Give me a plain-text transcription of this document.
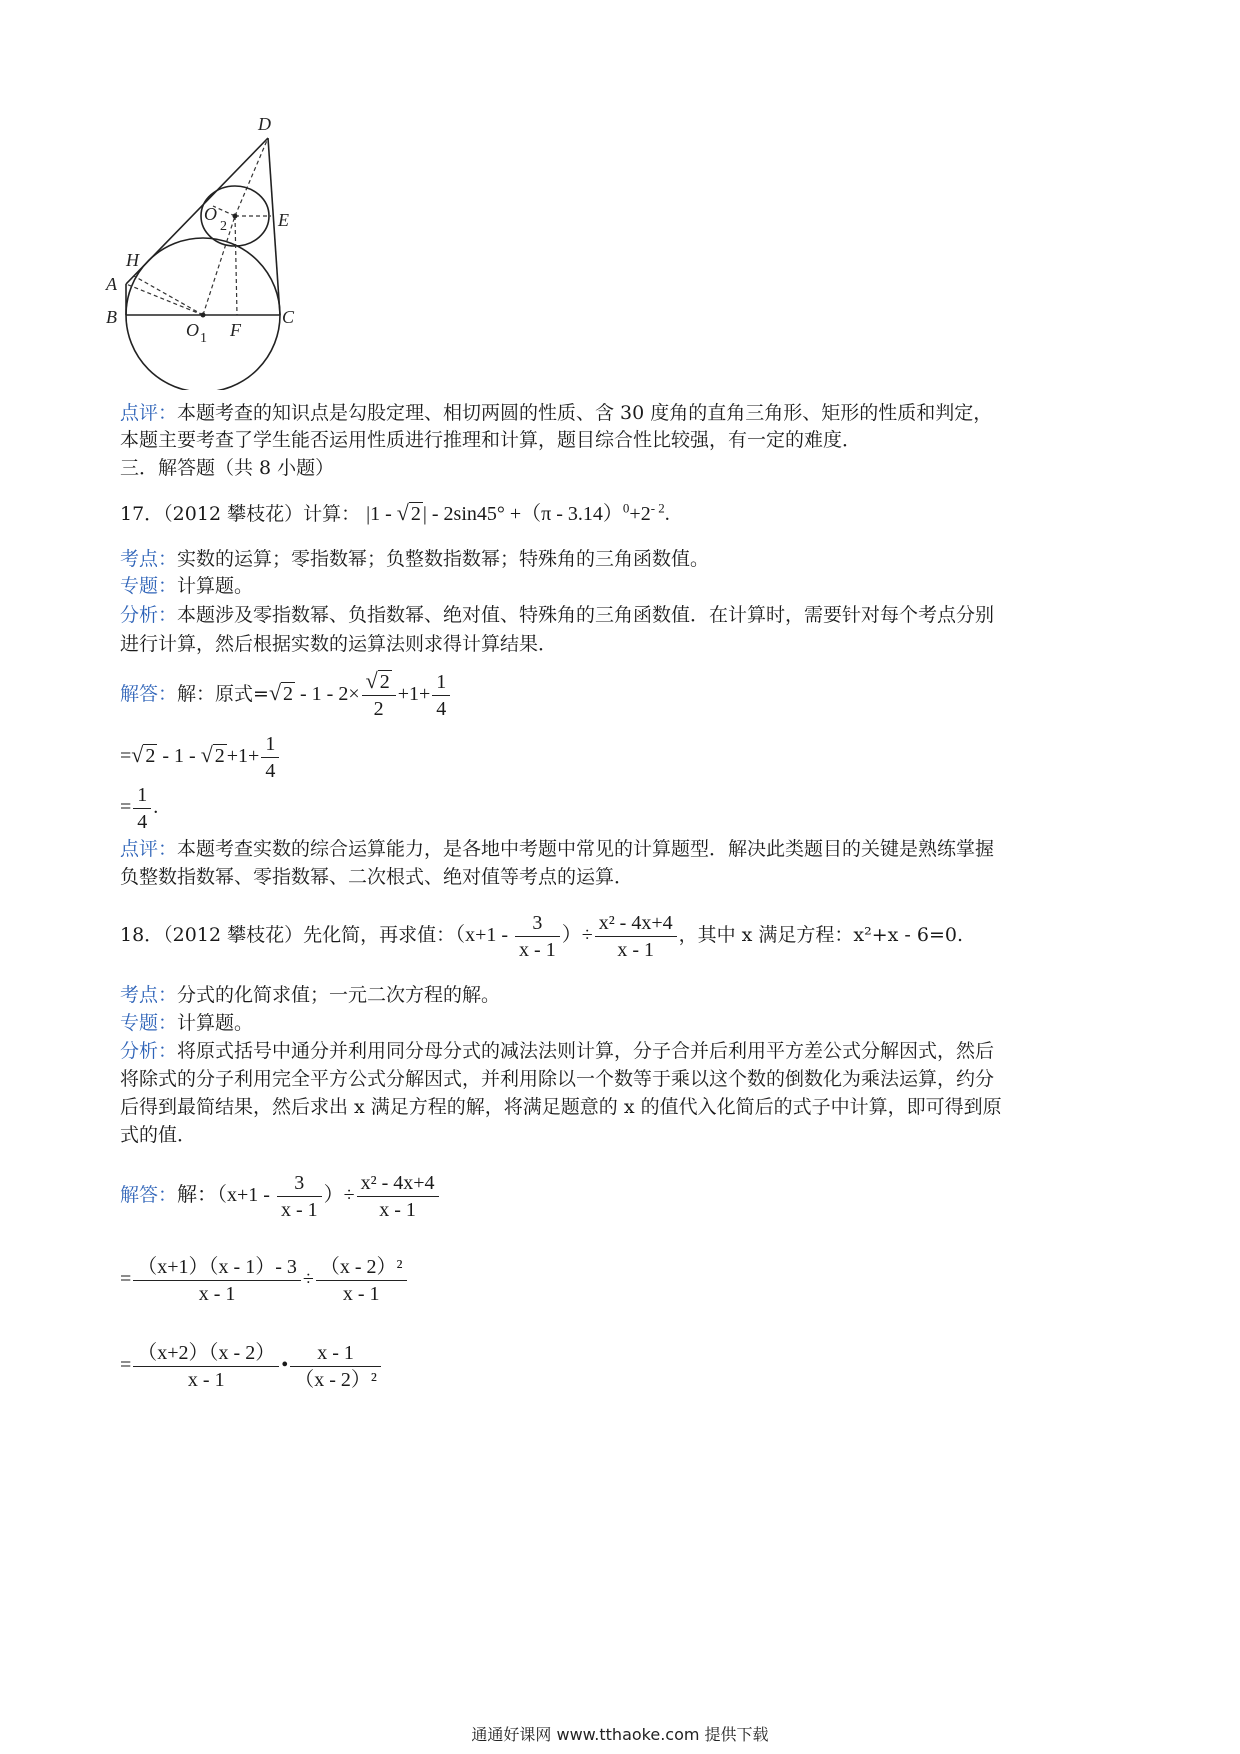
D
O
2	E
H
A
B
O 1 F
C
点评：本题考查的知识点是勾股定理、相切两圆的性质、含 30 度角的直角三角形、矩形的性质和判定，
本题主要考查了学生能否运用性质进行推理和计算，题目综合性比较强，有一定的难度．
三．解答题（共 8 小题）
17．（2012 攀枝花）计算： |1 - √ 2 | - $2\sin 45^\circ +(\pi - 3.14)^0+2^{- 2}$.
考点：实数的运算；零指数幂；负整数指数幂；特殊角的三角函数值。
专题：计算题。
分析：本题涉及零指数幂、负指数幂、绝对值、特殊角的三角函数值．在计算时，需要针对每个考点分别
进行计算，然后根据实数的运算法则求得计算结果．
解答：解：原式=√ $2 - 1 - 2\times \frac{√ 2}{2} +1+ \frac{1}{4}$
=√ 2 - 1 - √ $2 +1+ \frac{1}{4}$
= $\frac{1}{4}$ .
点评：本题考查实数的综合运算能力，是各地中考题中常见的计算题型．解决此类题目的关键是熟练掌握
负整数指数幂、零指数幂、二次根式、绝对值等考点的运算．
18．（2012 攀枝花）先化简，再求值：（$x+1 - \frac{3}{x - 1}$ ）÷ $\frac{\text{x² - 4x+4}}{x - 1}$ ，其中 x 满足方程：x²+x - 6=0.
考点：分式的化简求值；一元二次方程的解。
专题：计算题。
分析：将原式括号中通分并利用同分母分式的减法法则计算，分子合并后利用平方差公式分解因式，然后
将除式的分子利用完全平方公式分解因式，并利用除以一个数等于乘以这个数的倒数化为乘法运算，约分
后得到最简结果，然后求出 x 满足方程的解，将满足题意的 x 的值代入化简后的式子中计算，即可得到原
式的值．
解答：解：（$x+1 - \frac{3}{x - 1}$ ）÷ $\frac{\text{x² - 4x+4}}{x - 1}$
= $\frac{(x+1)(x - 1)- 3}{x - 1} \div \frac{\text{（x - 2）²}}{x - 1}$
= $\frac{(x+2)(x - 2)}{x - 1}$ • $\frac{x - 1}{\text{（x - 2）²}}$
通通好课网 www.tthaoke.com 提供下载
